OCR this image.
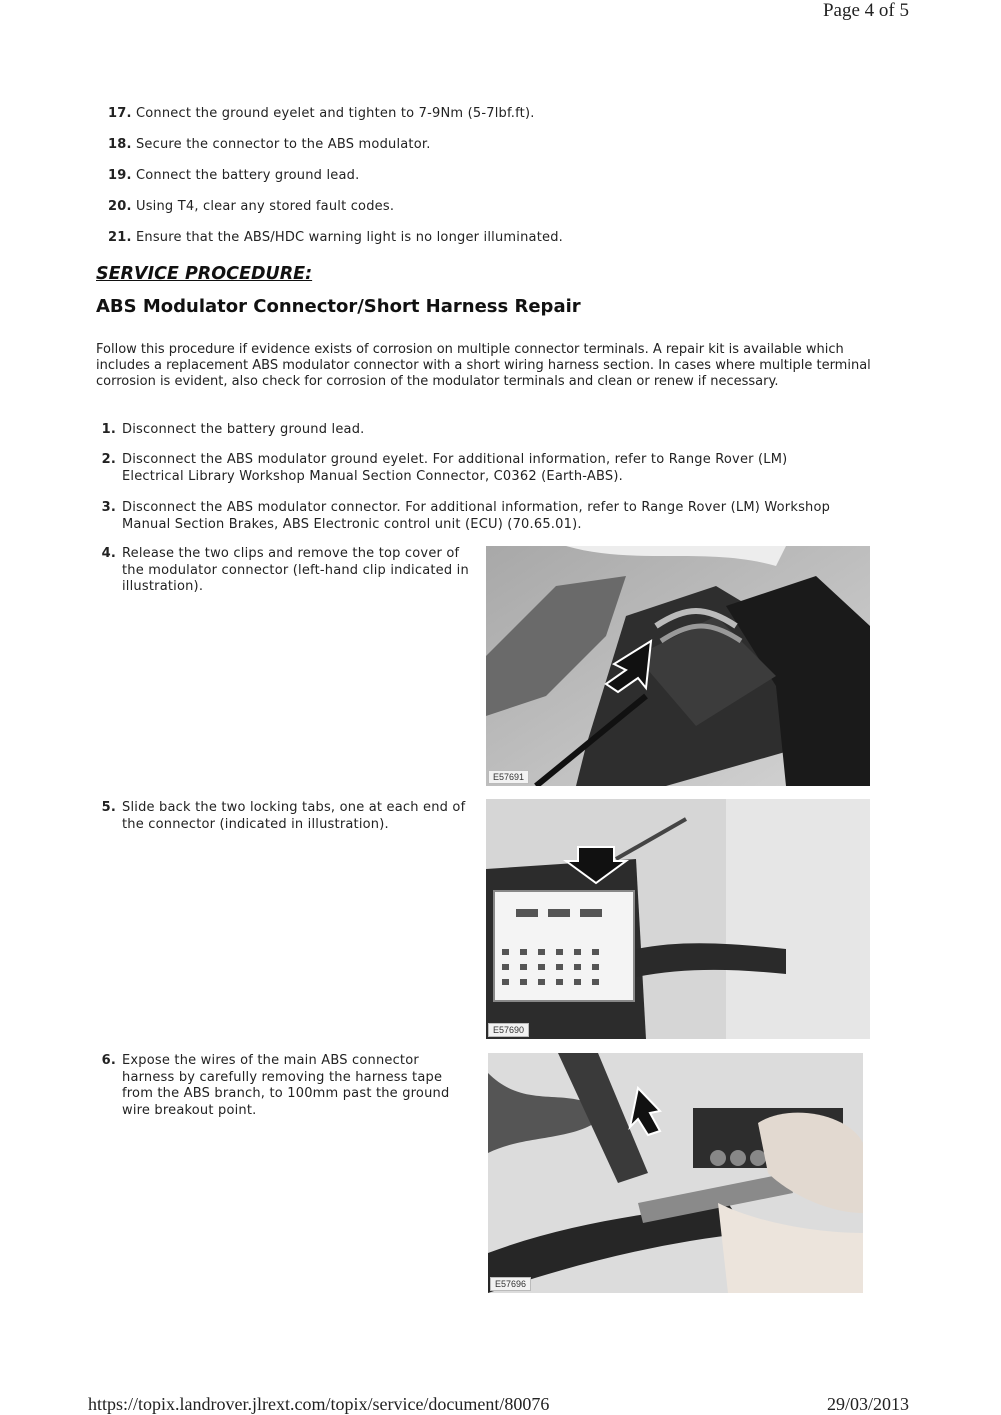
Page 4 of 5
17. Connect the ground eyelet and tighten to 7-9Nm (5-7lbf.ft).
18. Secure the connector to the ABS modulator.
19. Connect the battery ground lead.
20. Using T4, clear any stored fault codes.
21. Ensure that the ABS/HDC warning light is no longer illuminated.
SERVICE PROCEDURE:
ABS Modulator Connector/Short Harness Repair
Follow this procedure if evidence exists of corrosion on multiple connector terminals. A repair kit is available which includes a replacement ABS modulator connector with a short wiring harness section. In cases where multiple terminal corrosion is evident, also check for corrosion of the modulator terminals and clean or renew if necessary.
1. Disconnect the battery ground lead.
2. Disconnect the ABS modulator ground eyelet. For additional information, refer to Range Rover (LM) Electrical Library Workshop Manual Section Connector, C0362 (Earth-ABS).
3. Disconnect the ABS modulator connector. For additional information, refer to Range Rover (LM) Workshop Manual Section Brakes, ABS Electronic control unit (ECU) (70.65.01).
4. Release the two clips and remove the top cover of the modulator connector (left-hand clip indicated in illustration).
5. Slide back the two locking tabs, one at each end of the connector (indicated in illustration).
6. Expose the wires of the main ABS connector harness by carefully removing the harness tape from the ABS branch, to 100mm past the ground wire breakout point.
E57691
E57690
E57696
https://topix.landrover.jlrext.com/topix/service/document/80076	29/03/2013
